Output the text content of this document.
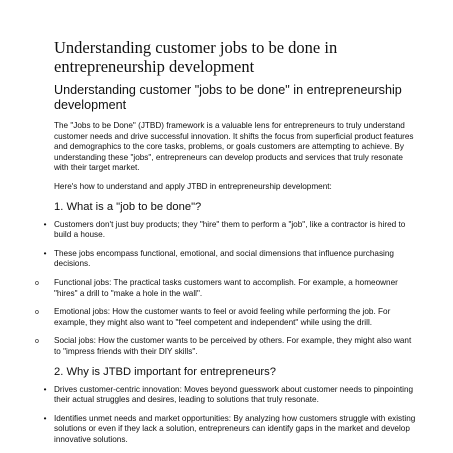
Understanding customer jobs to be done in entrepreneurship development
Understanding customer "jobs to be done" in entrepreneurship development

The "Jobs to be Done" (JTBD) framework is a valuable lens for entrepreneurs to truly understand customer needs and drive successful innovation. It shifts the focus from superficial product features and demographics to the core tasks, problems, or goals customers are attempting to achieve. By understanding these "jobs", entrepreneurs can develop products and services that truly resonate with their target market.

Here's how to understand and apply JTBD in entrepreneurship development:

1. What is a "job to be done"?
• Customers don't just buy products; they "hire" them to perform a "job", like a contractor is hired to build a house.
• These jobs encompass functional, emotional, and social dimensions that influence purchasing decisions.
o	Functional jobs: The practical tasks customers want to accomplish. For example, a homeowner "hires" a drill to "make a hole in the wall".
o	Emotional jobs: How the customer wants to feel or avoid feeling while performing the job. For example, they might also want to "feel competent and independent" while using the drill.
o	Social jobs: How the customer wants to be perceived by others. For example, they might also want to "impress friends with their DIY skills".
2. Why is JTBD important for entrepreneurs?
• Drives customer-centric innovation: Moves beyond guesswork about customer needs to pinpointing their actual struggles and desires, leading to solutions that truly resonate.
• Identifies unmet needs and market opportunities: By analyzing how customers struggle with existing solutions or even if they lack a solution, entrepreneurs can identify gaps in the market and develop innovative solutions.
